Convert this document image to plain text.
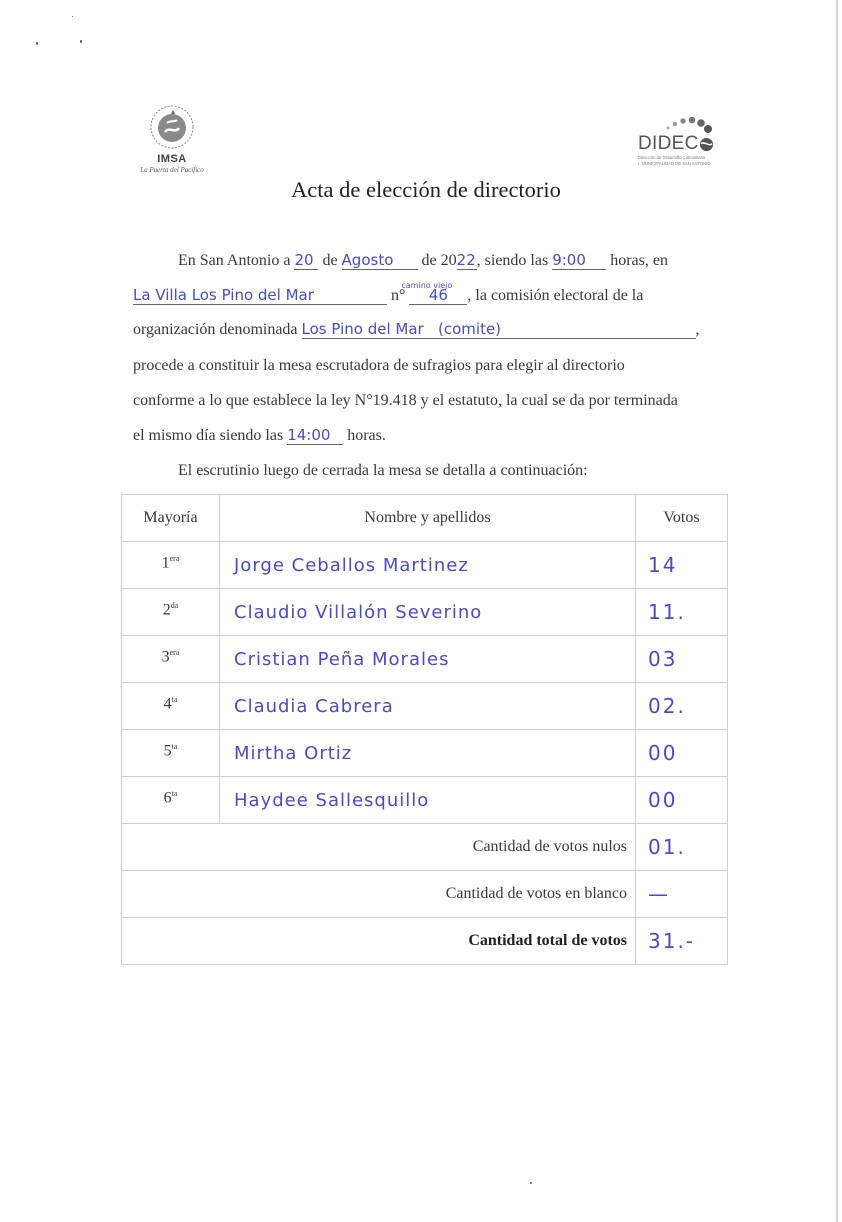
IMSA
La Puerta del Pacífico
DIDEC
Dirección de Desarrollo Comunitario
I. MUNICIPALIDAD DE SAN ANTONIO
Acta de elección de directorio
En San Antonio a 20 de Agosto de 2022, siendo las 9:00 horas, en
La Villa Los Pino del Mar	n°
camino viejo
46 , la comisión electoral de la
organización denominada Los Pino del Mar   (comite)	,
procede a constituir la mesa escrutadora de sufragios para elegir al directorio
conforme a lo que establece la ley N°19.418 y el estatuto, la cual se da por terminada
el mismo día siendo las 14:00 horas.
El escrutinio luego de cerrada la mesa se detalla a continuación:
Mayoría	Nombre y apellidos	Votos
$1^{era}$	Jorge Ceballos Martinez	14
$2^{da}$	Claudio Villalón Severino	11.
$3^{era}$	Cristian Peña Morales	03
$4^{ta}$	Claudia Cabrera	02.
$5^{ta}$	Mirtha Ortiz	00
$6^{ta}$	Haydee Sallesquillo	00
Cantidad de votos nulos		01.
Cantidad de votos en blanco		—
Cantidad total de votos		31.-
